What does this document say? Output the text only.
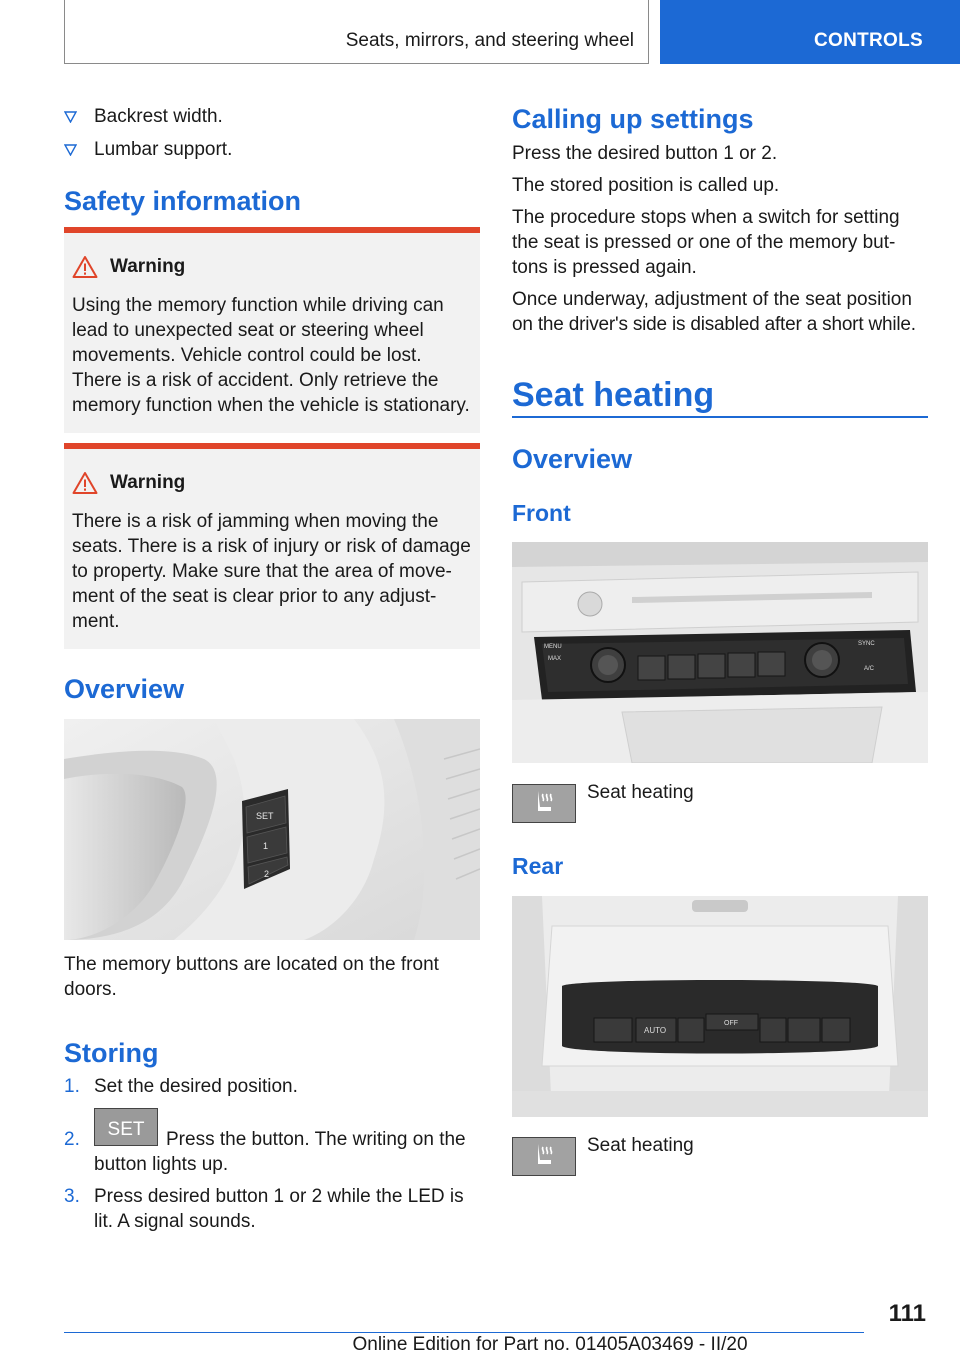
Seats, mirrors, and steering wheel	CONTROLS
Backrest width.
Lumbar support.
Safety information
Warning
Using the memory function while driving can
lead to unexpected seat or steering wheel
movements. Vehicle control could be lost.
There is a risk of accident. Only retrieve the
memory function when the vehicle is stationary.
Warning
There is a risk of jamming when moving the
seats. There is a risk of injury or risk of damage
to property. Make sure that the area of move-
ment of the seat is clear prior to any adjust-
ment.
Overview
SET
1
2
The memory buttons are located on the front
doors.
Storing
1. Set the desired position.
2.	SET	Press the button. The writing on the
button lights up.
3. Press desired button 1 or 2 while the LED is
lit. A signal sounds.
Calling up settings
Press the desired button 1 or 2.
The stored position is called up.
The procedure stops when a switch for setting
the seat is pressed or one of the memory but-
tons is pressed again.
Once underway, adjustment of the seat position
on the driver's side is disabled after a short while.
Seat heating
Overview
Front
MENU
MAX
SYNC
A/C
Seat heating
Rear
AUTO
OFF
Seat heating
111
Online Edition for Part no. 01405A03469 - II/20
